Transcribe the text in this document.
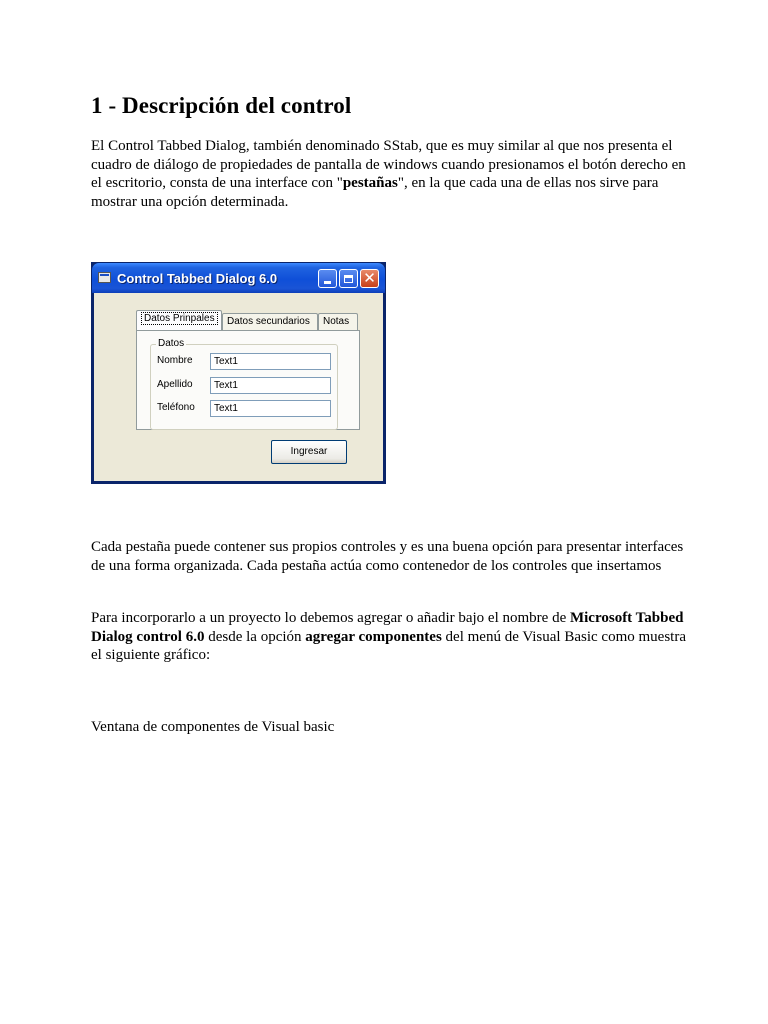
1 - Descripción del control

El Control Tabbed Dialog, también denominado SStab, que es muy similar al que nos presenta el cuadro de diálogo de propiedades de pantalla de windows cuando presionamos el botón derecho en el escritorio, consta de una interface con "pestañas", en la que cada una de ellas nos sirve para mostrar una opción determinada.

Cada pestaña puede contener sus propios controles y es una buena opción para presentar interfaces de una forma organizada. Cada pestaña actúa como contenedor de los controles que insertamos

Para incorporarlo a un proyecto lo debemos agregar o añadir bajo el nombre de Microsoft Tabbed Dialog control 6.0 desde la opción agregar componentes del menú de Visual Basic como muestra el siguiente gráfico:

Ventana de componentes de Visual basic

Control Tabbed Dialog 6.0	✕
Datos Prinpales	Datos secundarios	Notas
Datos
Nombre	Text1
Apellido	Text1
Teléfono	Text1
Ingresar
